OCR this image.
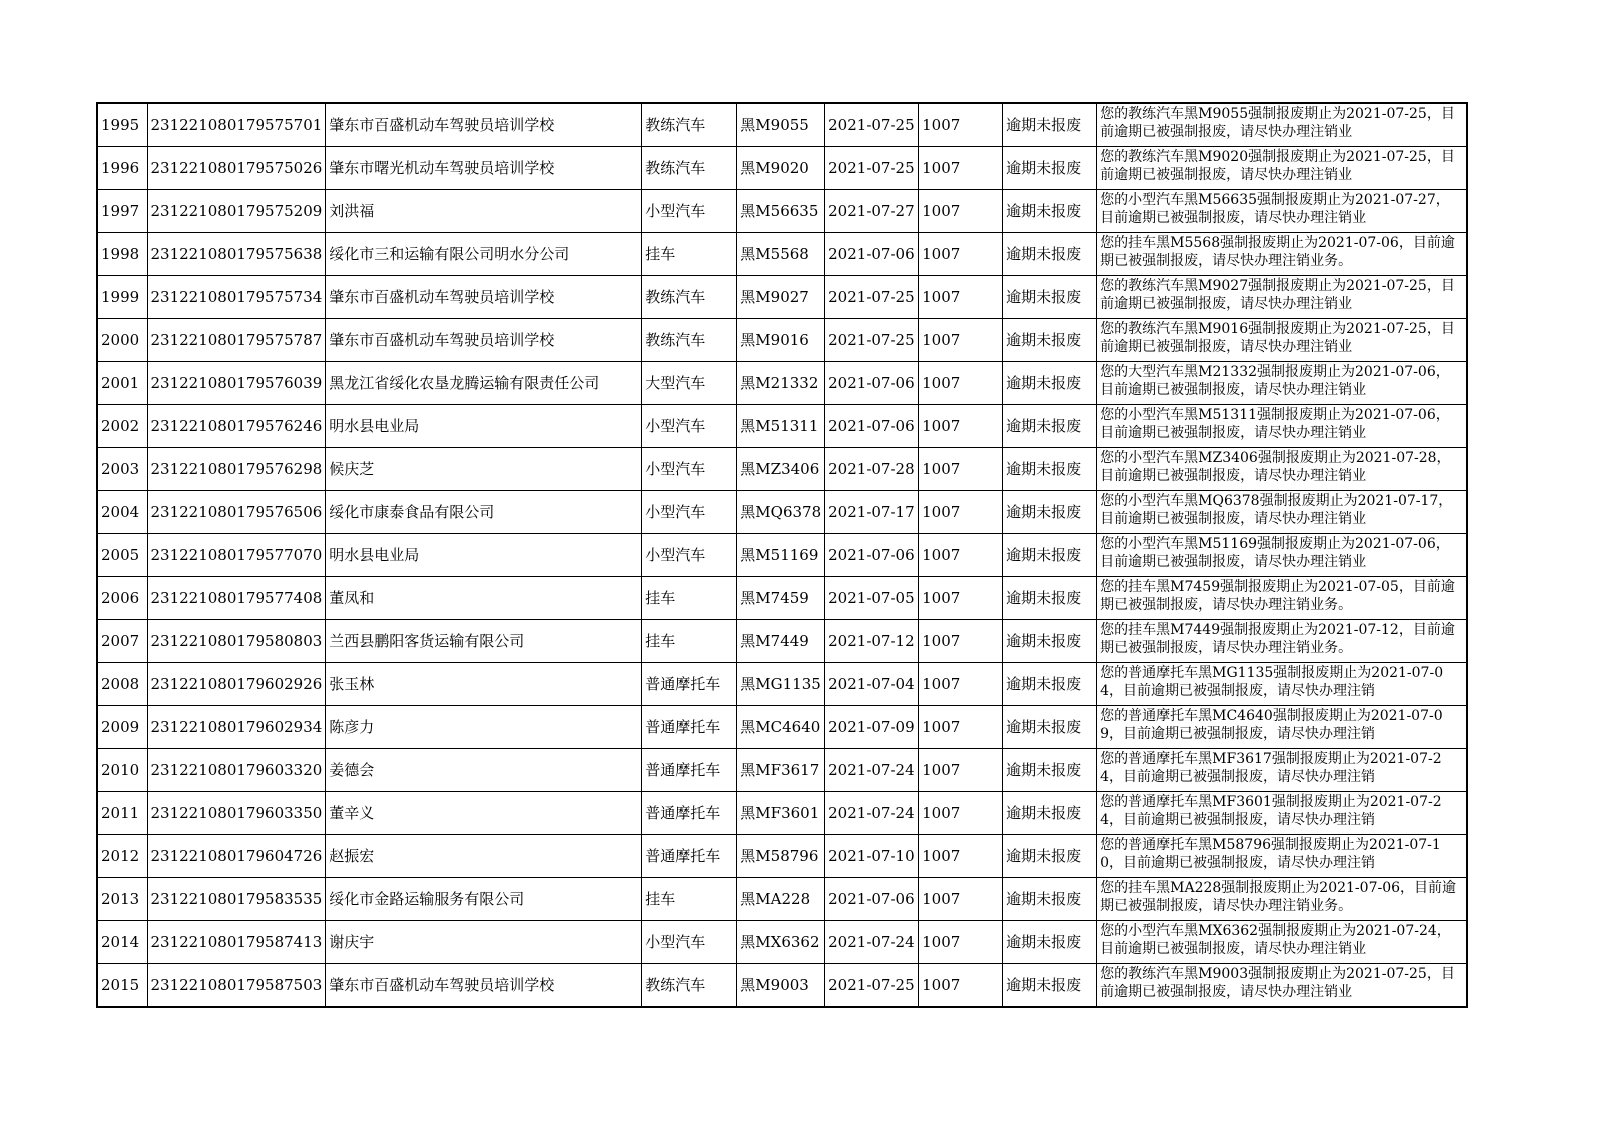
1995	231221080179575701	肇东市百盛机动车驾驶员培训学校	教练汽车	黑M9055	2021-07-25	1007	逾期未报废	您的教练汽车黑M9055强制报废期止为2021-07-25，目前逾期已被强制报废，请尽快办理注销业

1996	231221080179575026	肇东市曙光机动车驾驶员培训学校	教练汽车	黑M9020	2021-07-25	1007	逾期未报废	您的教练汽车黑M9020强制报废期止为2021-07-25，目前逾期已被强制报废，请尽快办理注销业

1997	231221080179575209	刘洪福	小型汽车	黑M56635	2021-07-27	1007	逾期未报废	您的小型汽车黑M56635强制报废期止为2021-07-27，目前逾期已被强制报废，请尽快办理注销业

1998	231221080179575638	绥化市三和运输有限公司明水分公司	挂车	黑M5568	2021-07-06	1007	逾期未报废	您的挂车黑M5568强制报废期止为2021-07-06，目前逾期已被强制报废，请尽快办理注销业务。

1999	231221080179575734	肇东市百盛机动车驾驶员培训学校	教练汽车	黑M9027	2021-07-25	1007	逾期未报废	您的教练汽车黑M9027强制报废期止为2021-07-25，目前逾期已被强制报废，请尽快办理注销业

2000	231221080179575787	肇东市百盛机动车驾驶员培训学校	教练汽车	黑M9016	2021-07-25	1007	逾期未报废	您的教练汽车黑M9016强制报废期止为2021-07-25，目前逾期已被强制报废，请尽快办理注销业

2001	231221080179576039	黑龙江省绥化农垦龙腾运输有限责任公司	大型汽车	黑M21332	2021-07-06	1007	逾期未报废	您的大型汽车黑M21332强制报废期止为2021-07-06，目前逾期已被强制报废，请尽快办理注销业

2002	231221080179576246	明水县电业局	小型汽车	黑M51311	2021-07-06	1007	逾期未报废	您的小型汽车黑M51311强制报废期止为2021-07-06，目前逾期已被强制报废，请尽快办理注销业

2003	231221080179576298	候庆芝	小型汽车	黑MZ3406	2021-07-28	1007	逾期未报废	您的小型汽车黑MZ3406强制报废期止为2021-07-28，目前逾期已被强制报废，请尽快办理注销业

2004	231221080179576506	绥化市康泰食品有限公司	小型汽车	黑MQ6378	2021-07-17	1007	逾期未报废	您的小型汽车黑MQ6378强制报废期止为2021-07-17，目前逾期已被强制报废，请尽快办理注销业

2005	231221080179577070	明水县电业局	小型汽车	黑M51169	2021-07-06	1007	逾期未报废	您的小型汽车黑M51169强制报废期止为2021-07-06，目前逾期已被强制报废，请尽快办理注销业

2006	231221080179577408	董凤和	挂车	黑M7459	2021-07-05	1007	逾期未报废	您的挂车黑M7459强制报废期止为2021-07-05，目前逾期已被强制报废，请尽快办理注销业务。

2007	231221080179580803	兰西县鹏阳客货运输有限公司	挂车	黑M7449	2021-07-12	1007	逾期未报废	您的挂车黑M7449强制报废期止为2021-07-12，目前逾期已被强制报废，请尽快办理注销业务。

2008	231221080179602926	张玉林	普通摩托车	黑MG1135	2021-07-04	1007	逾期未报废	您的普通摩托车黑MG1135强制报废期止为2021-07-04，目前逾期已被强制报废，请尽快办理注销

2009	231221080179602934	陈彦力	普通摩托车	黑MC4640	2021-07-09	1007	逾期未报废	您的普通摩托车黑MC4640强制报废期止为2021-07-09，目前逾期已被强制报废，请尽快办理注销

2010	231221080179603320	姜德会	普通摩托车	黑MF3617	2021-07-24	1007	逾期未报废	您的普通摩托车黑MF3617强制报废期止为2021-07-24，目前逾期已被强制报废，请尽快办理注销

2011	231221080179603350	董辛义	普通摩托车	黑MF3601	2021-07-24	1007	逾期未报废	您的普通摩托车黑MF3601强制报废期止为2021-07-24，目前逾期已被强制报废，请尽快办理注销

2012	231221080179604726	赵振宏	普通摩托车	黑M58796	2021-07-10	1007	逾期未报废	您的普通摩托车黑M58796强制报废期止为2021-07-10，目前逾期已被强制报废，请尽快办理注销

2013	231221080179583535	绥化市金路运输服务有限公司	挂车	黑MA228	2021-07-06	1007	逾期未报废	您的挂车黑MA228强制报废期止为2021-07-06，目前逾期已被强制报废，请尽快办理注销业务。

2014	231221080179587413	谢庆宇	小型汽车	黑MX6362	2021-07-24	1007	逾期未报废	您的小型汽车黑MX6362强制报废期止为2021-07-24，目前逾期已被强制报废，请尽快办理注销业

2015	231221080179587503	肇东市百盛机动车驾驶员培训学校	教练汽车	黑M9003	2021-07-25	1007	逾期未报废	您的教练汽车黑M9003强制报废期止为2021-07-25，目前逾期已被强制报废，请尽快办理注销业
